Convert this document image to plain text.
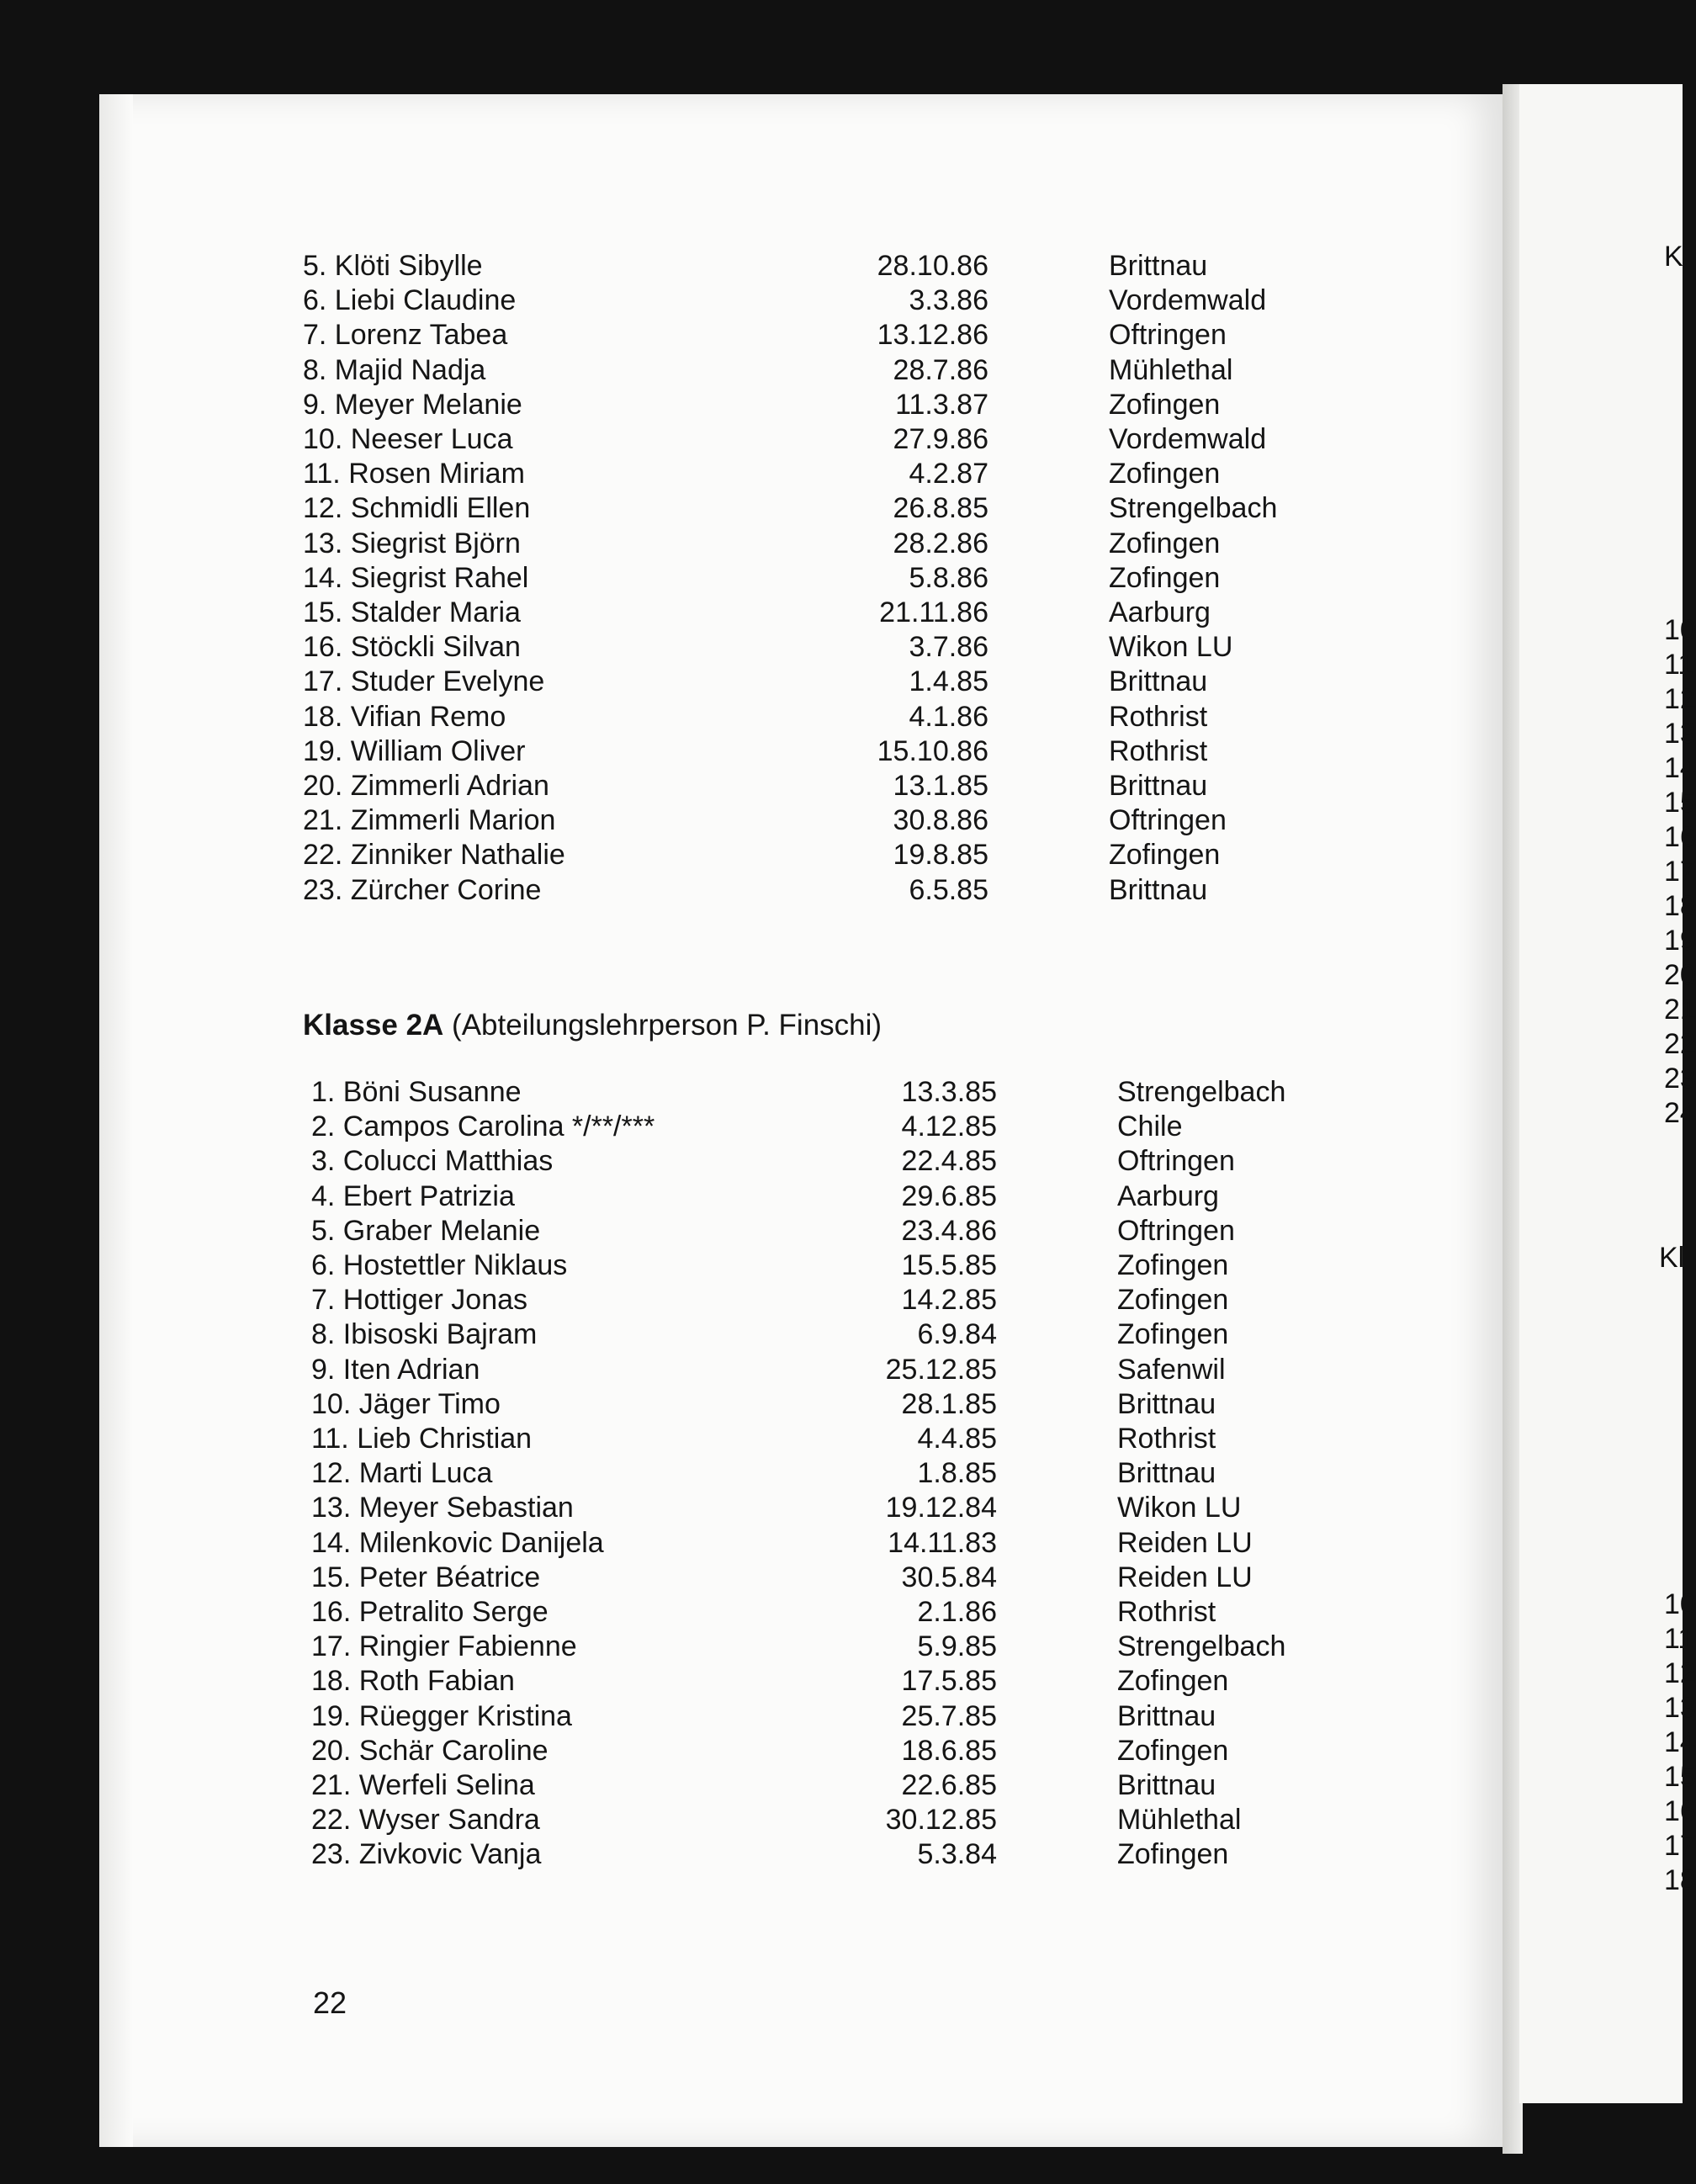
5. Klöti Sibylle	28.10.86	Brittnau
6. Liebi Claudine	3.3.86	Vordemwald
7. Lorenz Tabea	13.12.86	Oftringen
8. Majid Nadja	28.7.86	Mühlethal
9. Meyer Melanie	11.3.87	Zofingen
10. Neeser Luca	27.9.86	Vordemwald
11. Rosen Miriam	4.2.87	Zofingen
12. Schmidli Ellen	26.8.85	Strengelbach
13. Siegrist Björn	28.2.86	Zofingen
14. Siegrist Rahel	5.8.86	Zofingen
15. Stalder Maria	21.11.86	Aarburg
16. Stöckli Silvan	3.7.86	Wikon LU
17. Studer Evelyne	1.4.85	Brittnau
18. Vifian Remo	4.1.86	Rothrist
19. William Oliver	15.10.86	Rothrist
20. Zimmerli Adrian	13.1.85	Brittnau
21. Zimmerli Marion	30.8.86	Oftringen
22. Zinniker Nathalie	19.8.85	Zofingen
23. Zürcher Corine	6.5.85	Brittnau
Klasse 2A (Abteilungslehrperson P. Finschi)
1. Böni Susanne	13.3.85	Strengelbach
2. Campos Carolina */**/***	4.12.85	Chile
3. Colucci Matthias	22.4.85	Oftringen
4. Ebert Patrizia	29.6.85	Aarburg
5. Graber Melanie	23.4.86	Oftringen
6. Hostettler Niklaus	15.5.85	Zofingen
7. Hottiger Jonas	14.2.85	Zofingen
8. Ibisoski Bajram	6.9.84	Zofingen
9. Iten Adrian	25.12.85	Safenwil
10. Jäger Timo	28.1.85	Brittnau
11. Lieb Christian	4.4.85	Rothrist
12. Marti Luca	1.8.85	Brittnau
13. Meyer Sebastian	19.12.84	Wikon LU
14. Milenkovic Danijela	14.11.83	Reiden LU
15. Peter Béatrice	30.5.84	Reiden LU
16. Petralito Serge	2.1.86	Rothrist
17. Ringier Fabienne	5.9.85	Strengelbach
18. Roth Fabian	17.5.85	Zofingen
19. Rüegger Kristina	25.7.85	Brittnau
20. Schär Caroline	18.6.85	Zofingen
21. Werfeli Selina	22.6.85	Brittnau
22. Wyser Sandra	30.12.85	Mühlethal
23. Zivkovic Vanja	5.3.84	Zofingen
22
K
10
11
12
13
14
15
16
17
18
19
20
21
22
23
24
Kl
10
11
12
13
14
15
16
17
18
